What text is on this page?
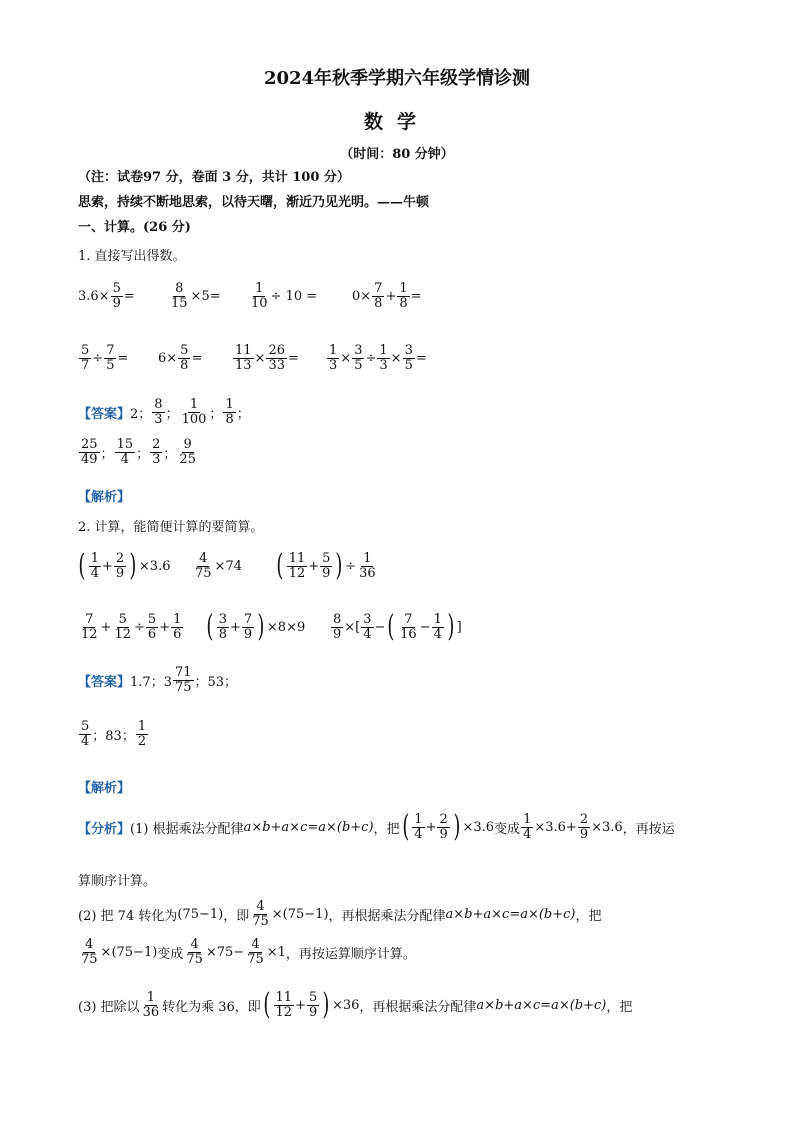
2024年秋季学期六年级学情诊测
数学
（时间：80 分钟）
（注：试卷97 分，卷面 3 分，共计 100 分）
思索，持续不断地思索，以待天曙，渐近乃见光明。——牛顿
一、计算。(26 分)
1. 直接写出得数。
$3.6\times \frac{5}{9}$ =	$\frac{8}{15} \times 5= \frac{1}{10} \div 10$ =	$0\times \frac{7}{8} + \frac{1}{8}$ =
$\frac{5}{7} \div \frac{7}{5} = 6\times \frac{5}{8} = \frac{11}{13} \times \frac{26}{33} = \frac{1}{3} \times \frac{3}{5} \div \frac{1}{3} \times \frac{3}{5}$ =
【答案】 2； $\frac{8}{3}$ ； $\frac{1}{100}$ ； $\frac{1}{8}$ ；
$\frac{25}{49}$ ； $\frac{15}{4}$ ； $\frac{2}{3}$ ； $\frac{9}{25}$
【解析】
2. 计算，能简便计算的要简算。
( $\frac{1}{4} + \frac{2}{9}$ ) $\times 3.6 \frac{4}{75} \times 74$ ( $\frac{11}{12} + \frac{5}{9}$ ) ÷ $\frac{1}{36}$
$\frac{7}{12} + \frac{5}{12} \div \frac{5}{6} + \frac{1}{6}$ ( $\frac{3}{8} + \frac{7}{9}$ ) $\times 8\times 9 \frac{8}{9}$ ×[ $\frac{3}{4}$ − ( $\frac{7}{16} - \frac{1}{4}$ ) ]
【答案】 1.7；$3 \frac{71}{75}$ ；53；
$\frac{5}{4}$ ；83； $\frac{1}{2}$
【解析】
【分析】 (1) 根据乘法分配律 a×b+a×c=a×(b+c) ，把 ( $\frac{1}{4} + \frac{2}{9}$ ) ×3.6 变成 $\frac{1}{4} \times 3.6+ \frac{2}{9} \times 3.6$ ，再按运
算顺序计算。
(2) 把 74 转化为 (75−1) ，即 $\frac{4}{75} \times(75-1)$ ，再根据乘法分配律 a×b+a×c=a×(b+c) ，把
$\frac{4}{75} \times(75-1)$ 变成 $\frac{4}{75} \times 75- \frac{4}{75} \times 1$ ，再按运算顺序计算。
(3) 把除以 $\frac{1}{36}$ 转化为乘 36，即 ( $\frac{11}{12} + \frac{5}{9}$ ) ×36 ，再根据乘法分配律 a×b+a×c=a×(b+c) ，把
